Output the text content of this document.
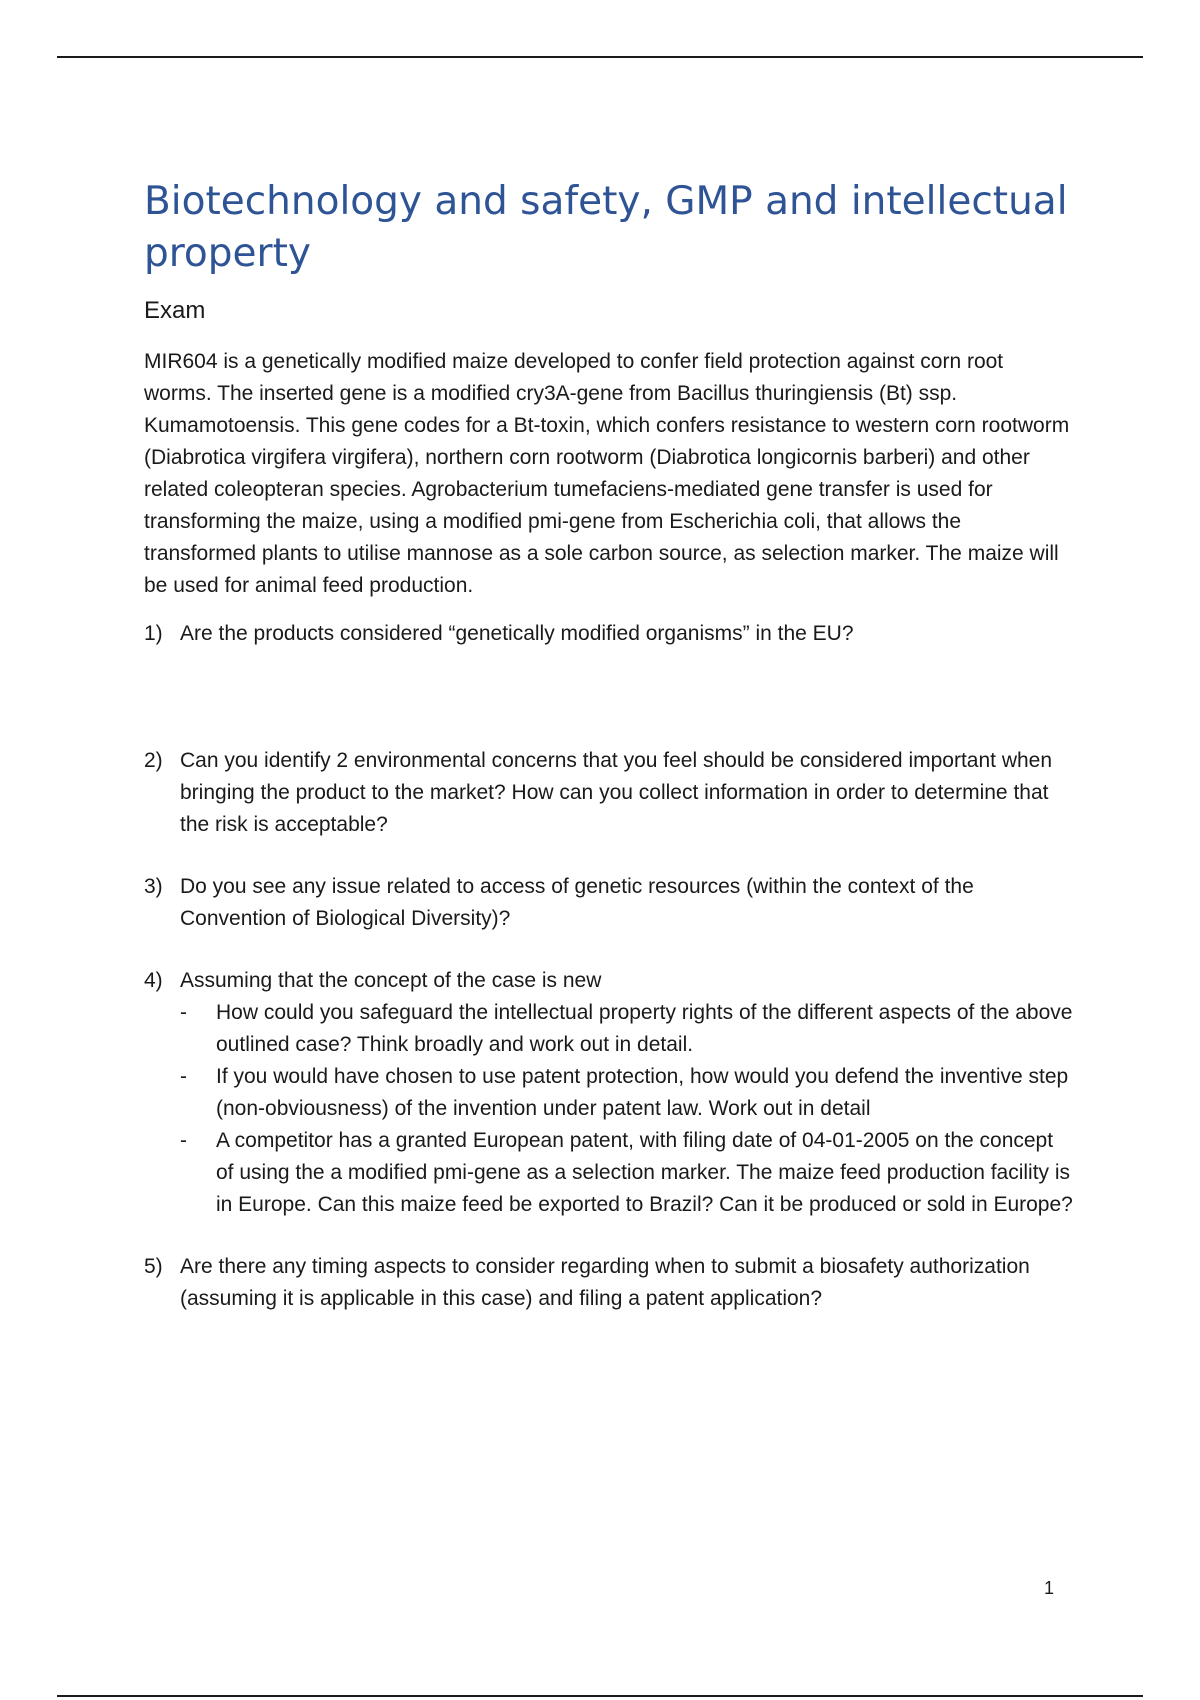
Biotechnology and safety, GMP and intellectual property
Exam

MIR604 is a genetically modified maize developed to confer field protection against corn root worms. The inserted gene is a modified cry3A-gene from Bacillus thuringiensis (Bt) ssp. Kumamotoensis. This gene codes for a Bt-toxin, which confers resistance to western corn rootworm (Diabrotica virgifera virgifera), northern corn rootworm (Diabrotica longicornis barberi) and other related coleopteran species. Agrobacterium tumefaciens-mediated gene transfer is used for transforming the maize, using a modified pmi-gene from Escherichia coli, that allows the transformed plants to utilise mannose as a sole carbon source, as selection marker. The maize will be used for animal feed production.

1) Are the products considered “genetically modified organisms” in the EU?
2) Can you identify 2 environmental concerns that you feel should be considered important when bringing the product to the market? How can you collect information in order to determine that the risk is acceptable?
3) Do you see any issue related to access of genetic resources (within the context of the Convention of Biological Diversity)?
4) Assuming that the concept of the case is new
- How could you safeguard the intellectual property rights of the different aspects of the above outlined case? Think broadly and work out in detail.
- If you would have chosen to use patent protection, how would you defend the inventive step (non-obviousness) of the invention under patent law. Work out in detail
- A competitor has a granted European patent, with filing date of 04-01-2005 on the concept of using the a modified pmi-gene as a selection marker. The maize feed production facility is in Europe. Can this maize feed be exported to Brazil? Can it be produced or sold in Europe?
5) Are there any timing aspects to consider regarding when to submit a biosafety authorization (assuming it is applicable in this case) and filing a patent application?
1
